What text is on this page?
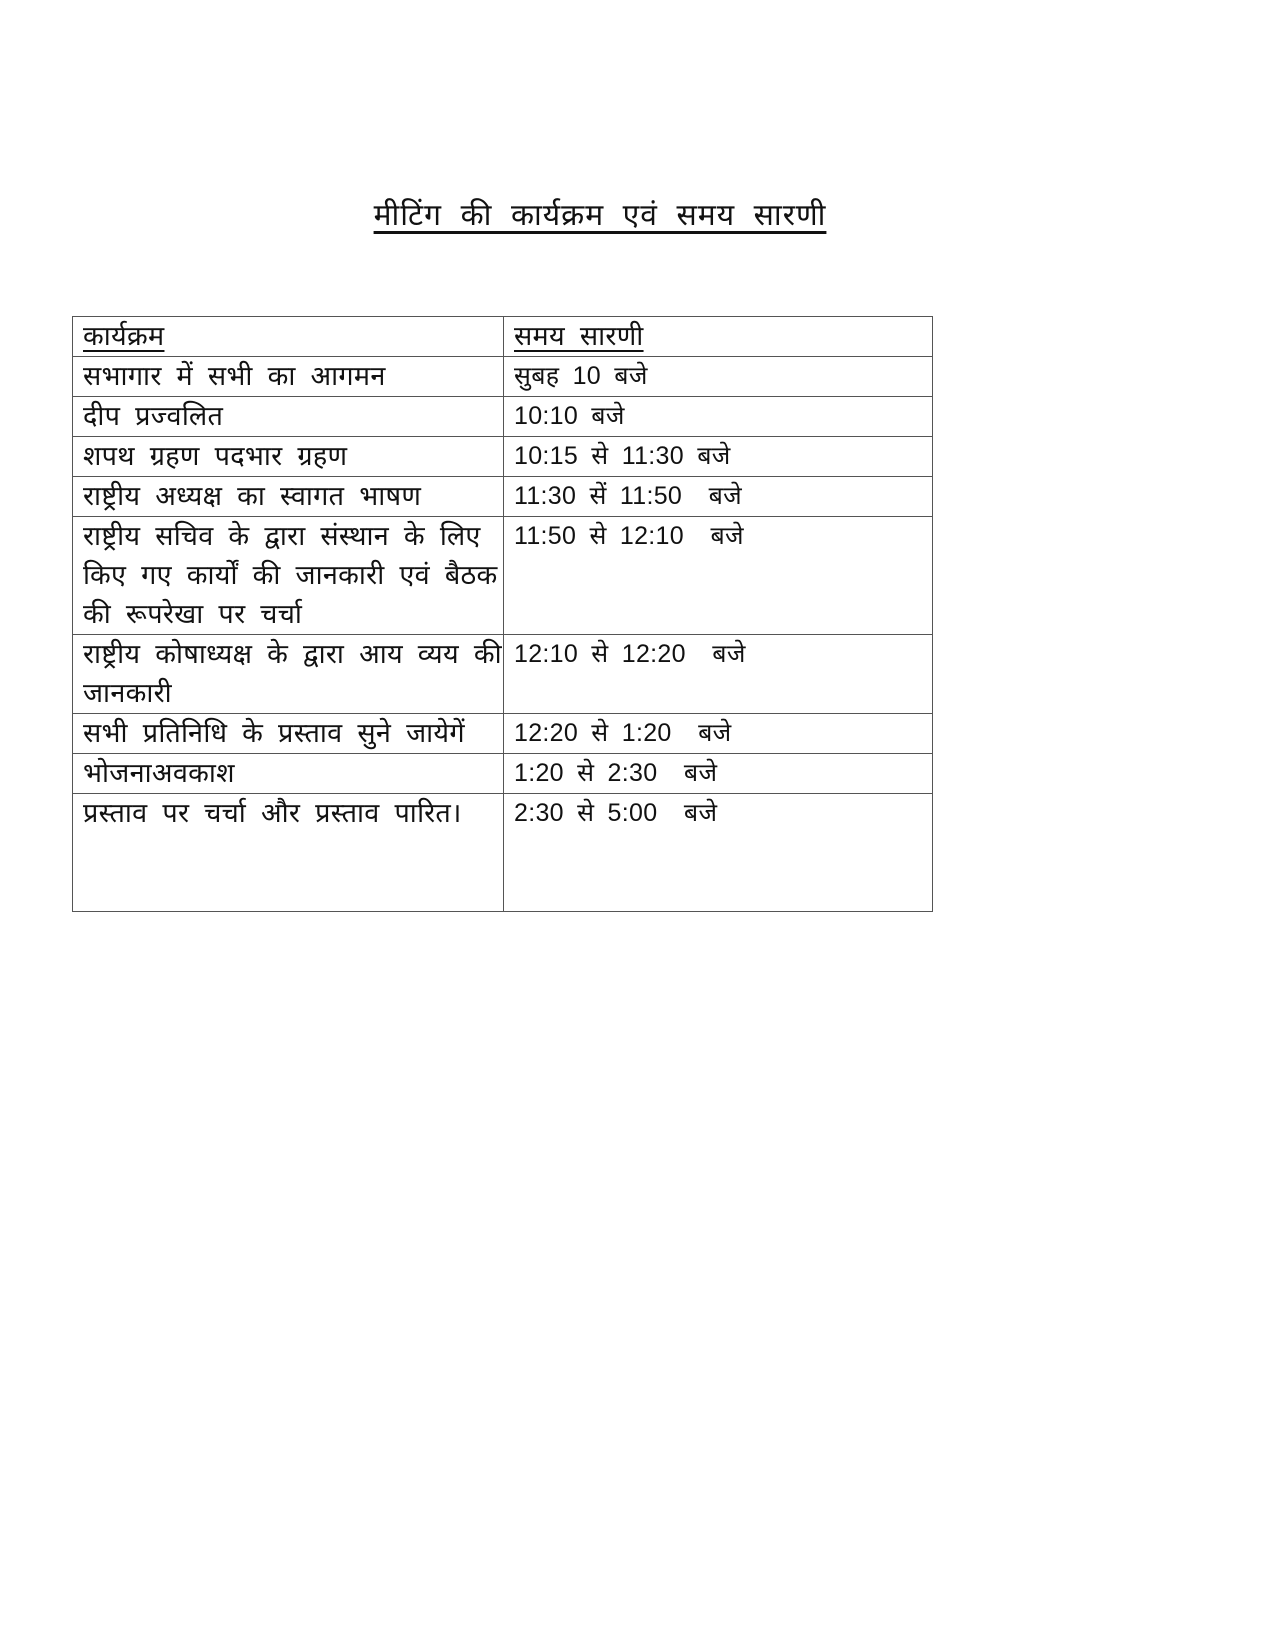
मीटिंग की कार्यक्रम एवं समय सारणी
कार्यक्रम	समय सारणी
सभागार में सभी का आगमन	सुबह 10 बजे
दीप प्रज्वलित	10:10 बजे
शपथ ग्रहण पदभार ग्रहण	10:15 से 11:30 बजे
राष्ट्रीय अध्यक्ष का स्वागत भाषण	11:30 सें 11:50  बजे
राष्ट्रीय सचिव के द्वारा संस्थान के लिए किए गए कार्यों की जानकारी एवं बैठक की रूपरेखा पर चर्चा	11:50 से 12:10  बजे
राष्ट्रीय कोषाध्यक्ष के द्वारा आय व्यय की जानकारी	12:10 से 12:20  बजे
सभी प्रतिनिधि के प्रस्ताव सुने जायेगें	12:20 से 1:20  बजे
भोजनाअवकाश	1:20 से 2:30  बजे
प्रस्ताव पर चर्चा और प्रस्ताव पारित।	2:30 से 5:00  बजे
